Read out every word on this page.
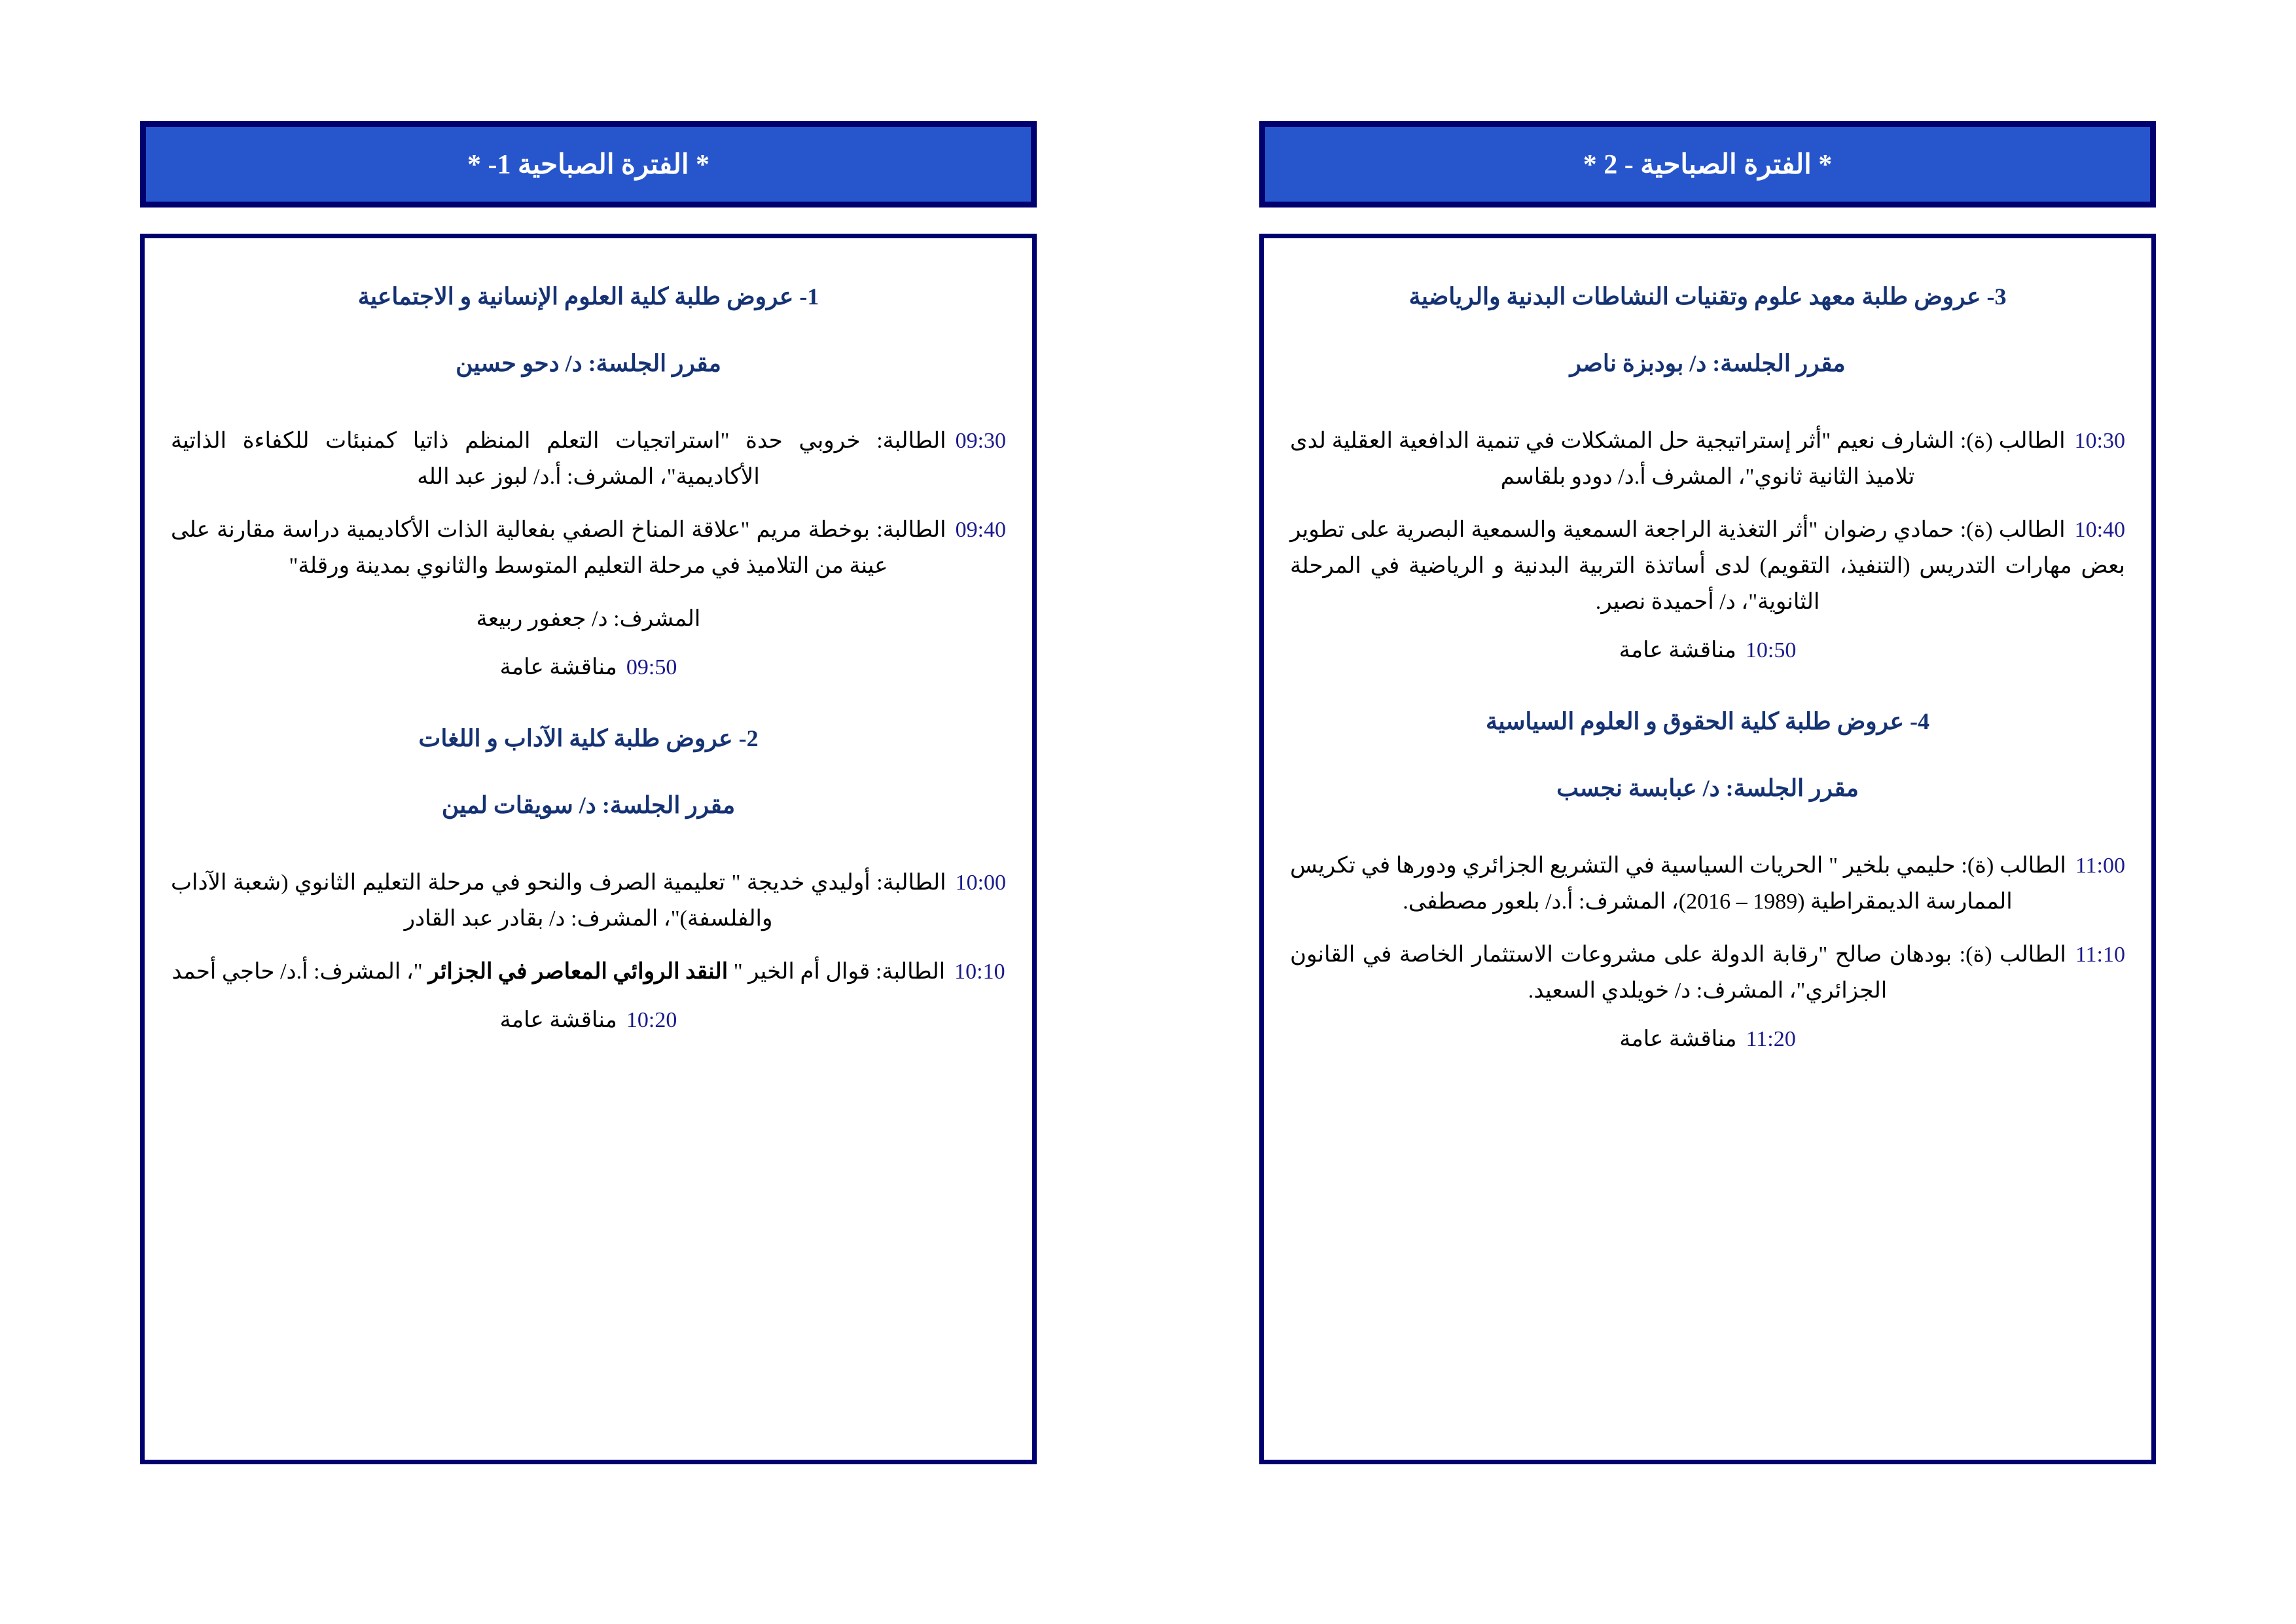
* الفترة الصباحية 1- *
1- عروض طلبة كلية العلوم الإنسانية و الاجتماعية
مقرر الجلسة: د/ دحو حسين
09:30الطالبة: خروبي حدة "استراتجيات التعلم المنظم ذاتيا كمنبئات للكفاءة الذاتية الأكاديمية"، المشرف: أ.د/ لبوز عبد الله
09:40الطالبة: بوخطة مريم "علاقة المناخ الصفي بفعالية الذات الأكاديمية دراسة مقارنة على عينة من التلاميذ في مرحلة التعليم المتوسط والثانوي بمدينة ورقلة"
المشرف: د/ جعفور ربيعة
09:50مناقشة عامة
2- عروض طلبة كلية الآداب و اللغات
مقرر الجلسة: د/ سويقات لمين
10:00الطالبة: أوليدي خديجة " تعليمية الصرف والنحو في مرحلة التعليم الثانوي (شعبة الآداب والفلسفة)"، المشرف: د/ بقادر عبد القادر
10:10الطالبة: قوال أم الخير " النقد الروائي المعاصر في الجزائر "، المشرف: أ.د/ حاجي أحمد
10:20مناقشة عامة
* الفترة الصباحية - 2 *
3- عروض طلبة معهد علوم وتقنيات النشاطات البدنية والرياضية
مقرر الجلسة: د/ بودبزة ناصر
10:30الطالب (ة): الشارف نعيم "أثر إستراتيجية حل المشكلات في تنمية الدافعية العقلية لدى تلاميذ الثانية ثانوي"، المشرف أ.د/ دودو بلقاسم
10:40الطالب (ة): حمادي رضوان "أثر التغذية الراجعة السمعية والسمعية البصرية على تطوير بعض مهارات التدريس (التنفيذ، التقويم) لدى أساتذة التربية البدنية و الرياضية في المرحلة الثانوية"، د/ أحميدة نصير.
10:50مناقشة عامة
4- عروض طلبة كلية الحقوق و العلوم السياسية
مقرر الجلسة: د/ عبابسة نجسب
11:00الطالب (ة): حليمي بلخير " الحريات السياسية في التشريع الجزائري ودورها في تكريس الممارسة الديمقراطية (1989 – 2016)، المشرف: أ.د/ بلعور مصطفى.
11:10الطالب (ة): بودهان صالح "رقابة الدولة على مشروعات الاستثمار الخاصة في القانون الجزائري"، المشرف: د/ خويلدي السعيد.
11:20مناقشة عامة
